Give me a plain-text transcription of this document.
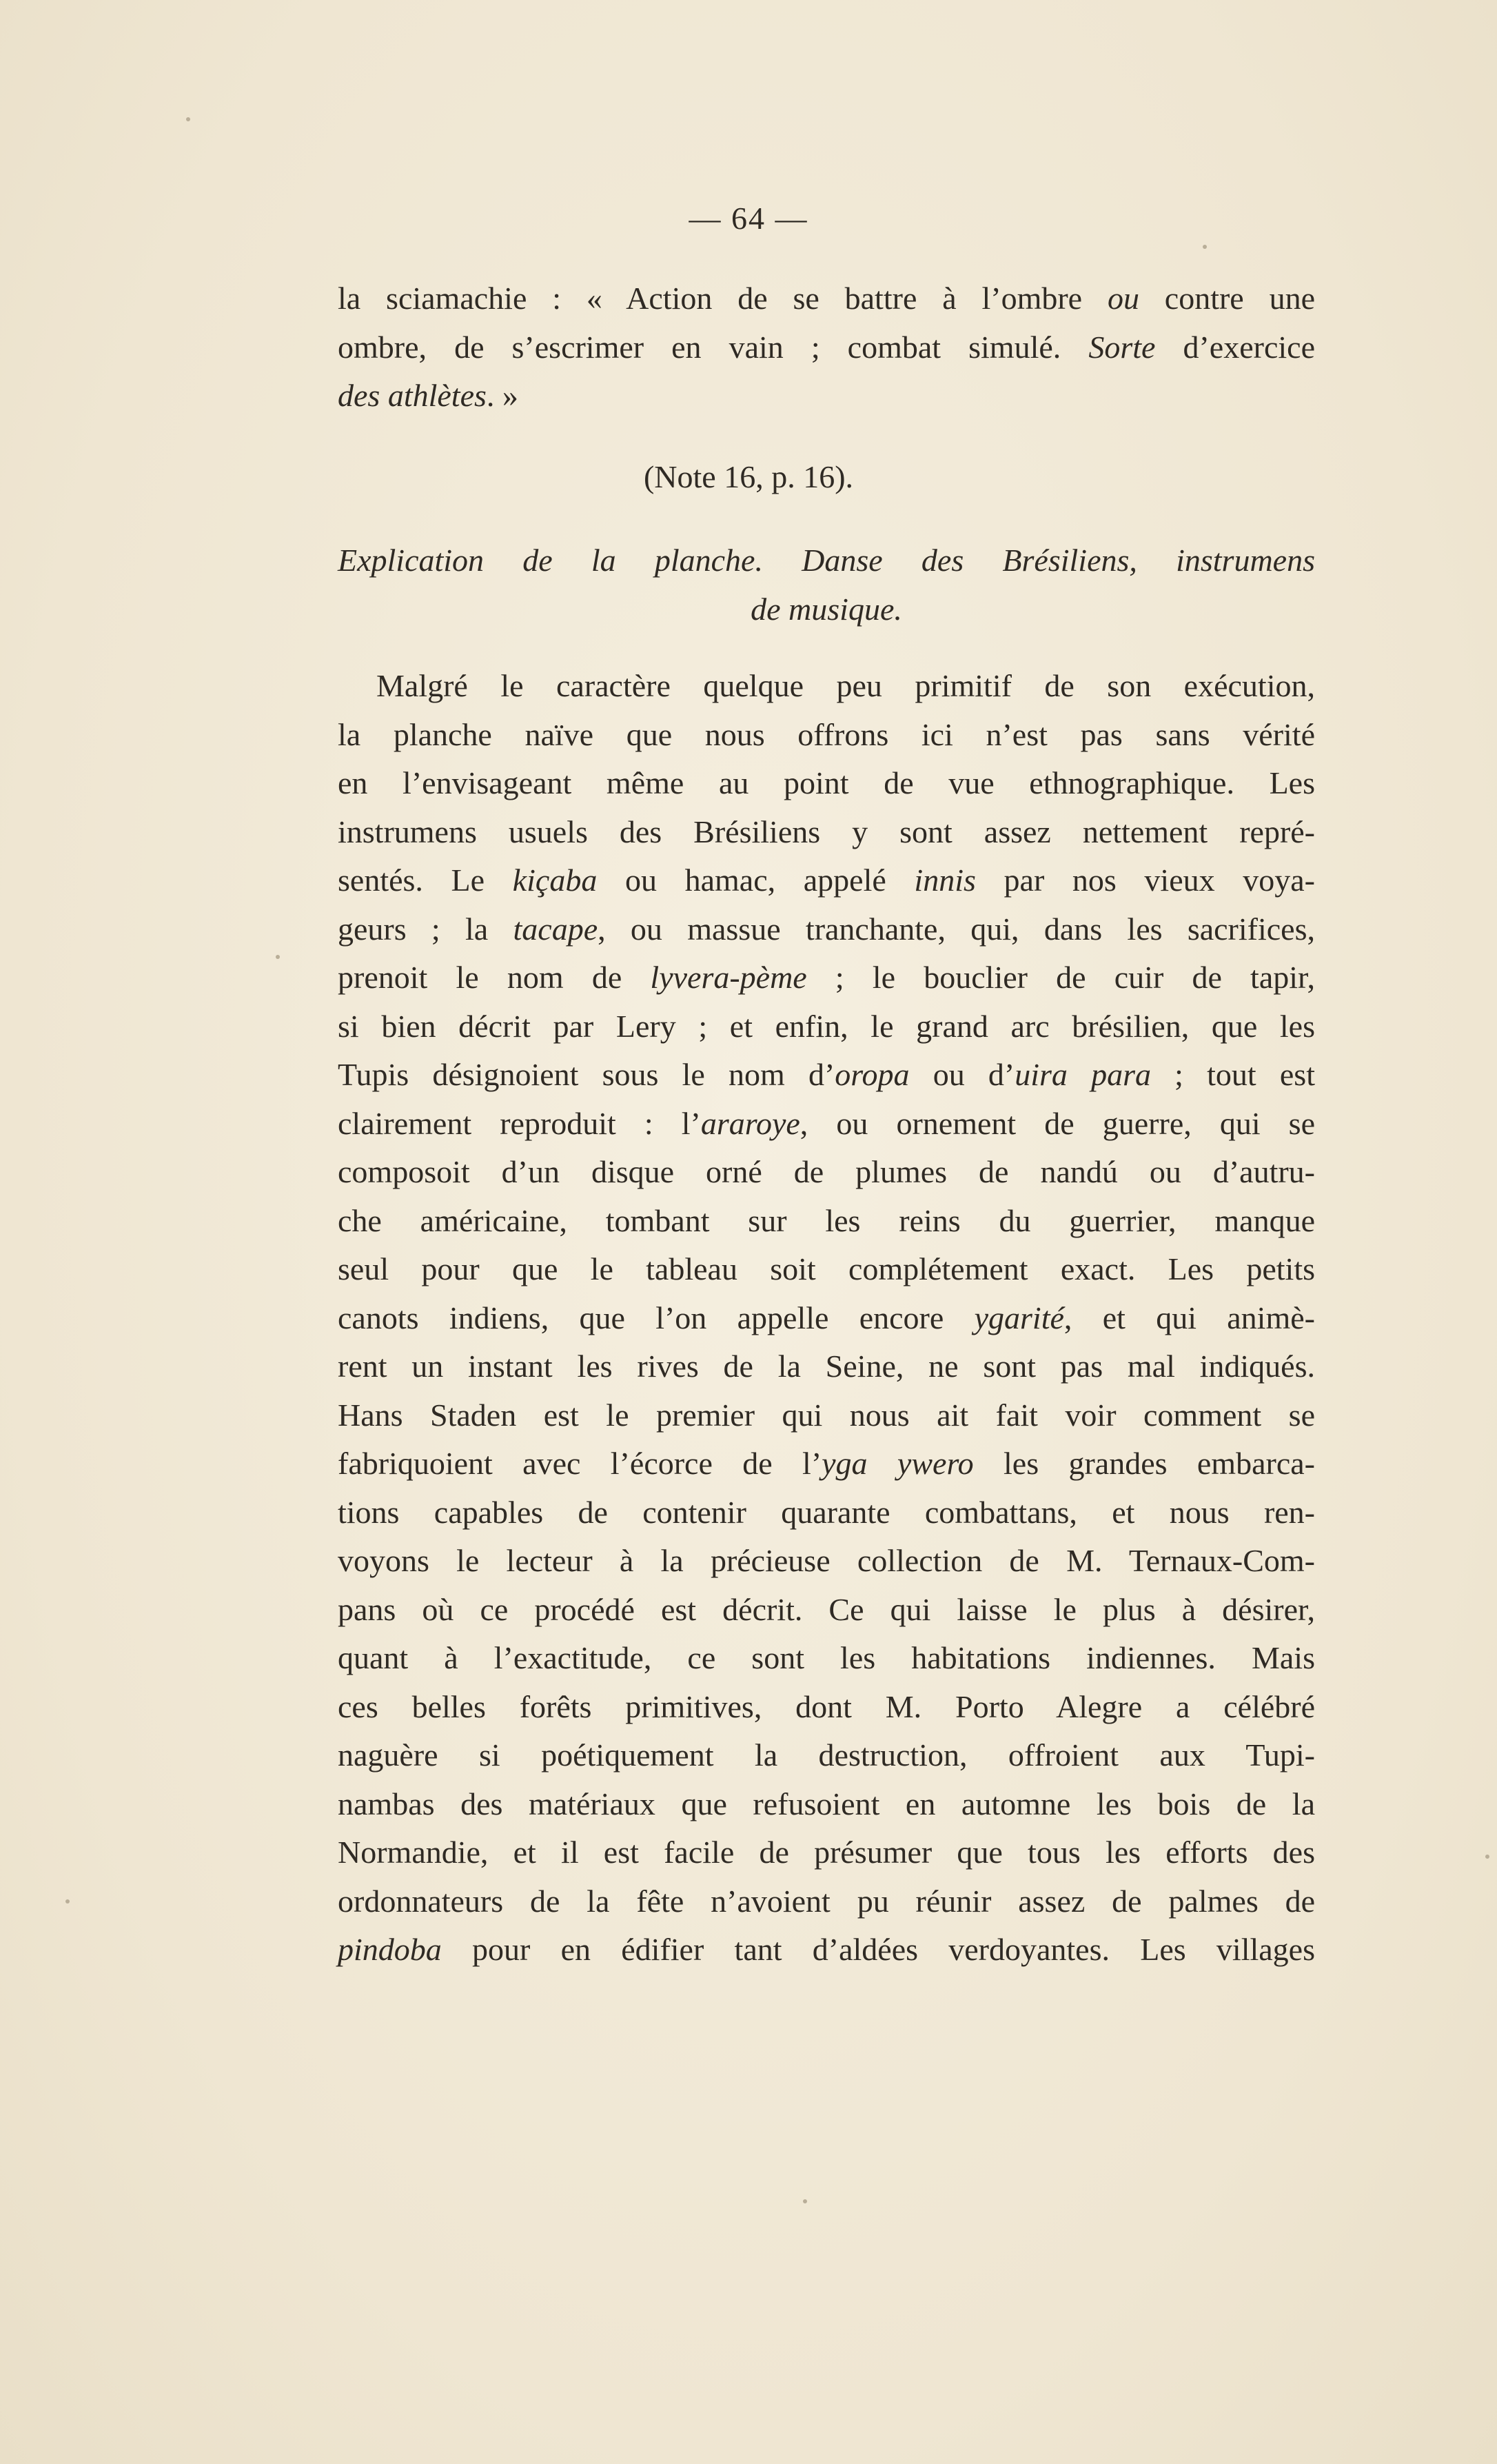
— 64 —
la sciamachie : « Action de se battre à l’ombre ou contre une
ombre, de s’escrimer en vain ; combat simulé. Sorte d’exercice
des athlètes. »
(Note 16, p. 16).
Explication de la planche. Danse des Brésiliens, instrumens
de musique.
Malgré le caractère quelque peu primitif de son exécution,
la planche naïve que nous offrons ici n’est pas sans vérité
en l’envisageant même au point de vue ethnographique. Les
instrumens usuels des Brésiliens y sont assez nettement repré-
sentés. Le kiçaba ou hamac, appelé innis par nos vieux voya-
geurs ; la tacape, ou massue tranchante, qui, dans les sacrifices,
prenoit le nom de lyvera-pème ; le bouclier de cuir de tapir,
si bien décrit par Lery ; et enfin, le grand arc brésilien, que les
Tupis désignoient sous le nom d’oropa ou d’uira para ; tout est
clairement reproduit : l’araroye, ou ornement de guerre, qui se
composoit d’un disque orné de plumes de nandú ou d’autru-
che américaine, tombant sur les reins du guerrier, manque
seul pour que le tableau soit complétement exact. Les petits
canots indiens, que l’on appelle encore ygarité, et qui animè-
rent un instant les rives de la Seine, ne sont pas mal indiqués.
Hans Staden est le premier qui nous ait fait voir comment se
fabriquoient avec l’écorce de l’yga ywero les grandes embarca-
tions capables de contenir quarante combattans, et nous ren-
voyons le lecteur à la précieuse collection de M. Ternaux-Com-
pans où ce procédé est décrit. Ce qui laisse le plus à désirer,
quant à l’exactitude, ce sont les habitations indiennes. Mais
ces belles forêts primitives, dont M. Porto Alegre a célébré
naguère si poétiquement la destruction, offroient aux Tupi-
nambas des matériaux que refusoient en automne les bois de la
Normandie, et il est facile de présumer que tous les efforts des
ordonnateurs de la fête n’avoient pu réunir assez de palmes de
pindoba pour en édifier tant d’aldées verdoyantes. Les villages
